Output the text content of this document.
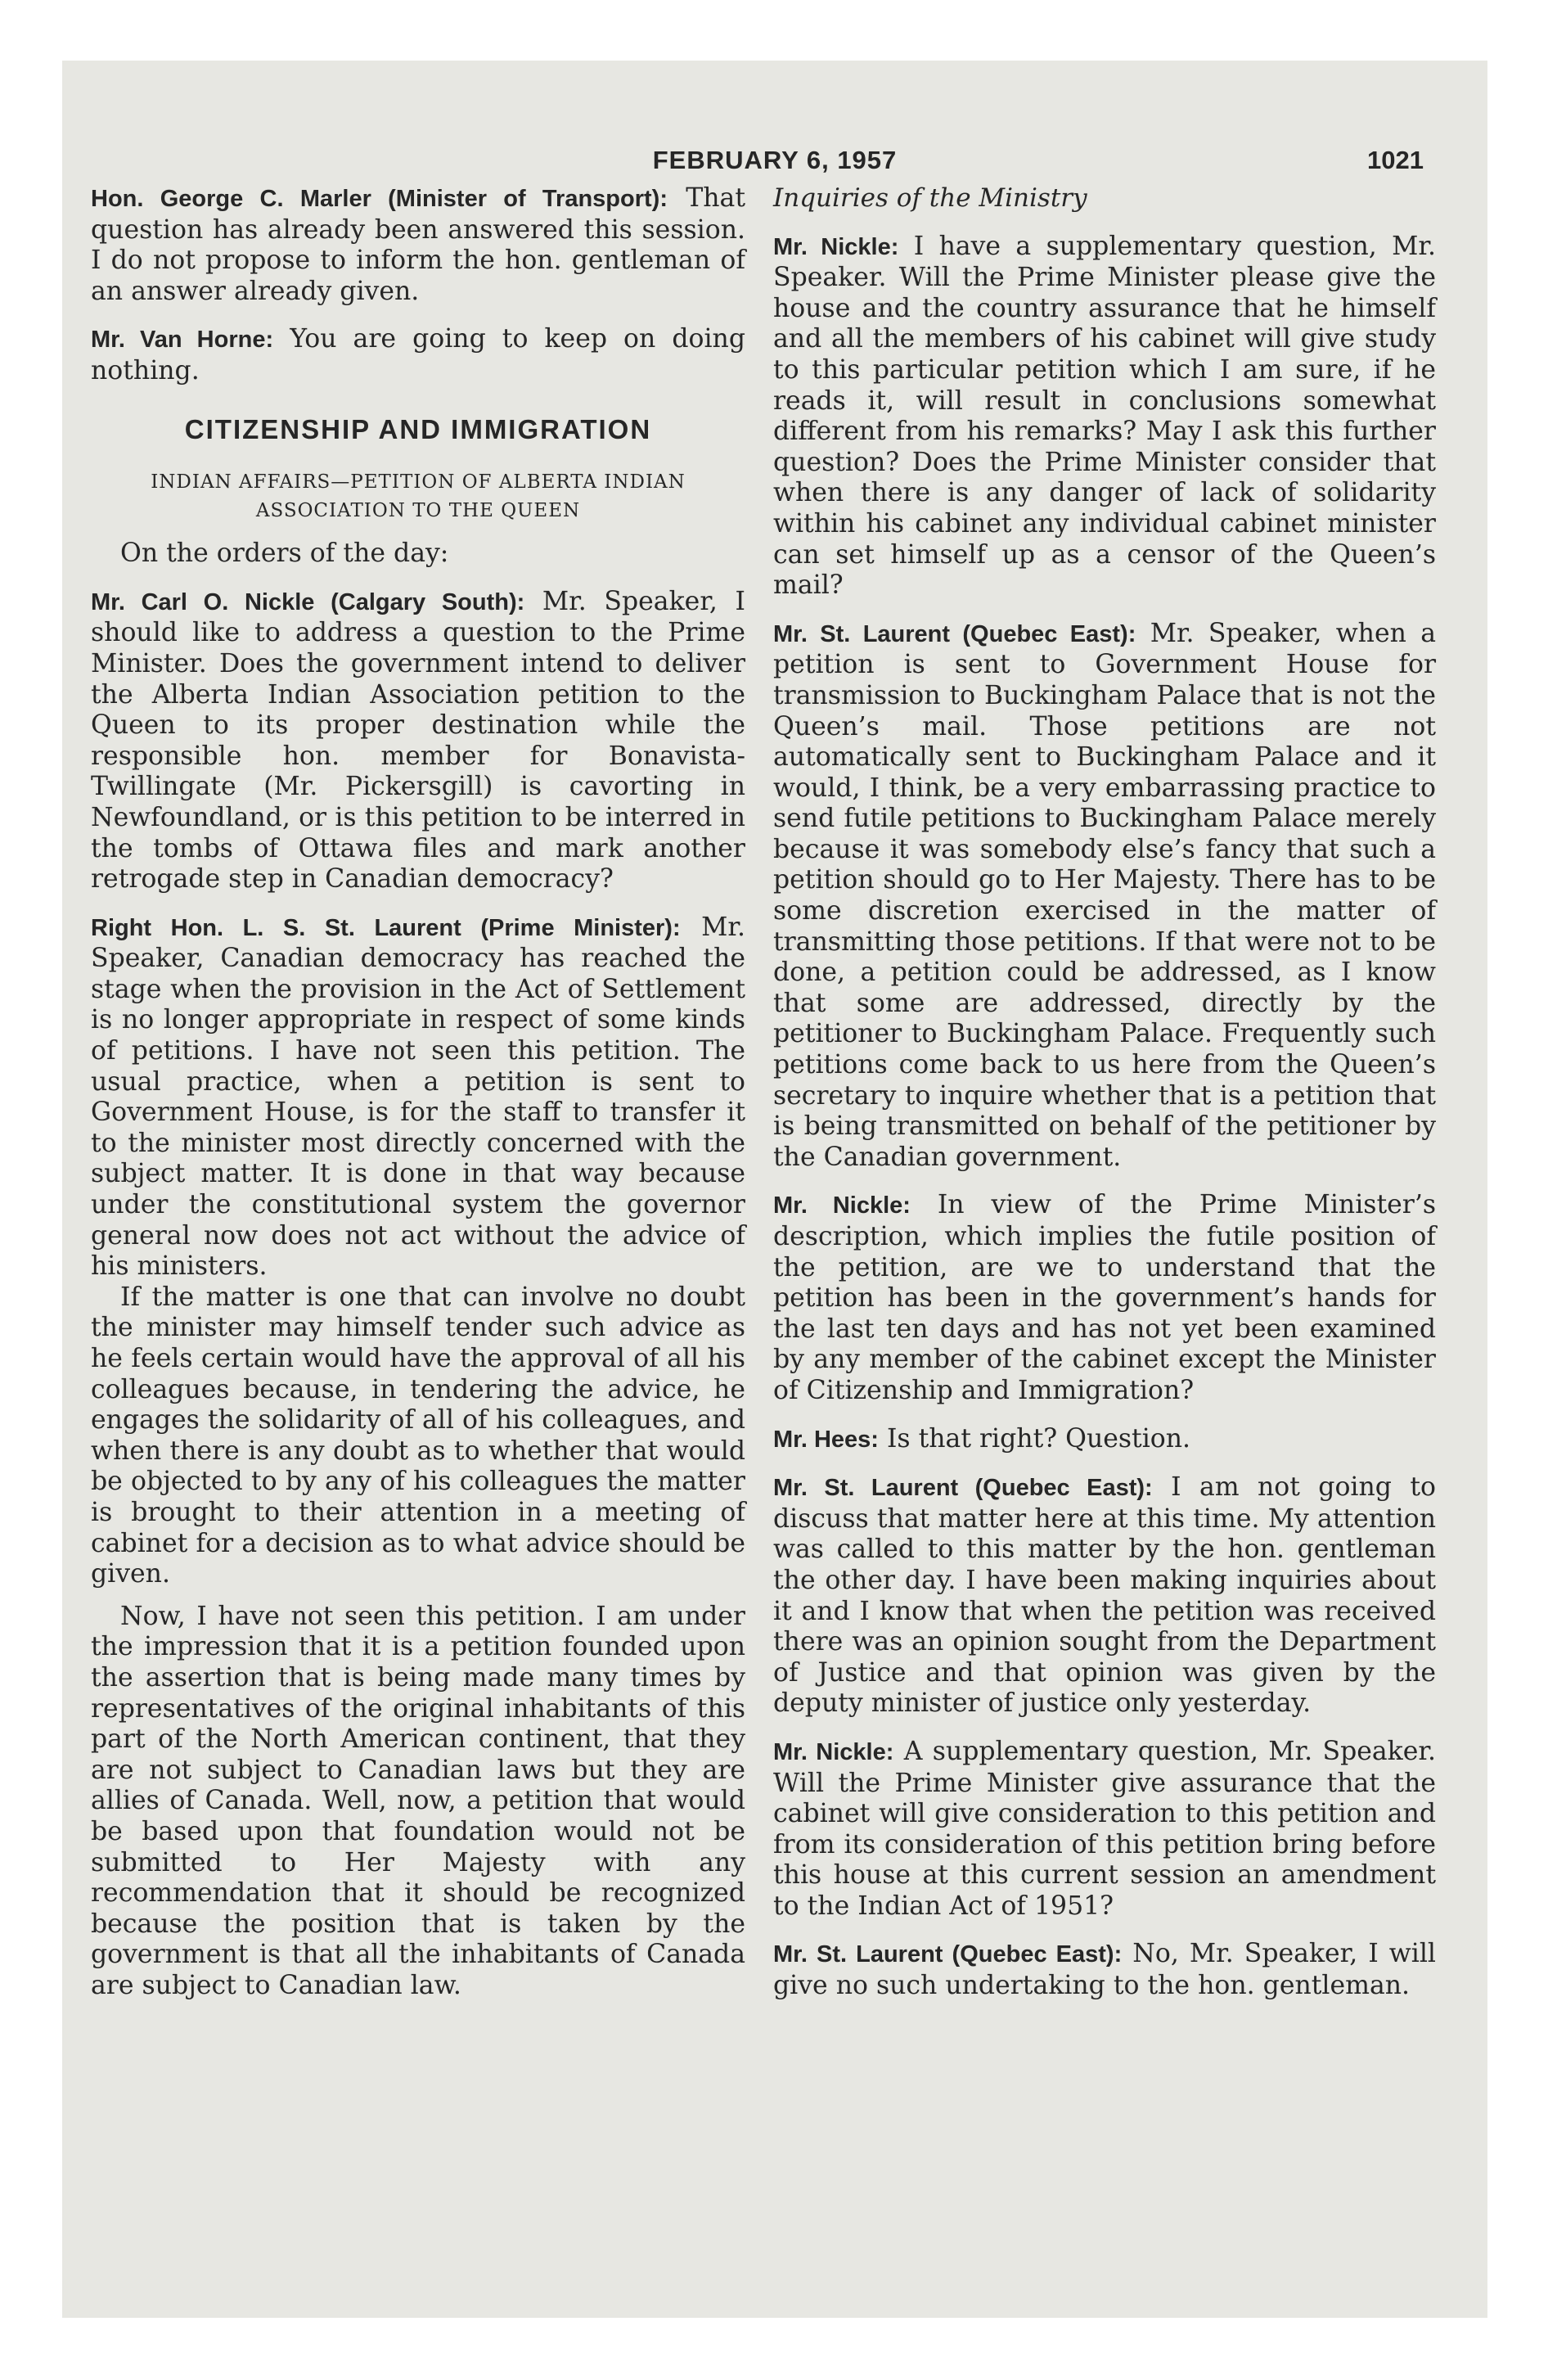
FEBRUARY 6, 1957	1021

Hon. George C. Marler (Minister of Transport): That question has already been answered this session. I do not propose to inform the hon. gentleman of an answer already given.

Mr. Van Horne: You are going to keep on doing nothing.

CITIZENSHIP AND IMMIGRATION
INDIAN AFFAIRS—PETITION OF ALBERTA INDIAN
ASSOCIATION TO THE QUEEN

On the orders of the day:

Mr. Carl O. Nickle (Calgary South): Mr. Speaker, I should like to address a question to the Prime Minister. Does the government intend to deliver the Alberta Indian Association petition to the Queen to its proper destination while the responsible hon. member for Bonavista-Twillingate (Mr. Pickersgill) is cavorting in Newfoundland, or is this petition to be interred in the tombs of Ottawa files and mark another retrogade step in Canadian democracy?

Right Hon. L. S. St. Laurent (Prime Minister): Mr. Speaker, Canadian democracy has reached the stage when the provision in the Act of Settlement is no longer appropriate in respect of some kinds of petitions. I have not seen this petition. The usual practice, when a petition is sent to Government House, is for the staff to transfer it to the minister most directly concerned with the subject matter. It is done in that way because under the constitutional system the governor general now does not act without the advice of his ministers.

If the matter is one that can involve no doubt the minister may himself tender such advice as he feels certain would have the approval of all his colleagues because, in tendering the advice, he engages the solidarity of all of his colleagues, and when there is any doubt as to whether that would be objected to by any of his colleagues the matter is brought to their attention in a meeting of cabinet for a decision as to what advice should be given.

Now, I have not seen this petition. I am under the impression that it is a petition founded upon the assertion that is being made many times by representatives of the original inhabitants of this part of the North American continent, that they are not subject to Canadian laws but they are allies of Canada. Well, now, a petition that would be based upon that foundation would not be submitted to Her Majesty with any recommendation that it should be recognized because the position that is taken by the government is that all the inhabitants of Canada are subject to Canadian law.

Inquiries of the Ministry

Mr. Nickle: I have a supplementary question, Mr. Speaker. Will the Prime Minister please give the house and the country assurance that he himself and all the members of his cabinet will give study to this particular petition which I am sure, if he reads it, will result in conclusions somewhat different from his remarks? May I ask this further question? Does the Prime Minister consider that when there is any danger of lack of solidarity within his cabinet any individual cabinet minister can set himself up as a censor of the Queen’s mail?

Mr. St. Laurent (Quebec East): Mr. Speaker, when a petition is sent to Government House for transmission to Buckingham Palace that is not the Queen’s mail. Those petitions are not automatically sent to Buckingham Palace and it would, I think, be a very embarrassing practice to send futile petitions to Buckingham Palace merely because it was somebody else’s fancy that such a petition should go to Her Majesty. There has to be some discretion exercised in the matter of transmitting those petitions. If that were not to be done, a petition could be addressed, as I know that some are addressed, directly by the petitioner to Buckingham Palace. Frequently such petitions come back to us here from the Queen’s secretary to inquire whether that is a petition that is being transmitted on behalf of the petitioner by the Canadian government.

Mr. Nickle: In view of the Prime Minister’s description, which implies the futile position of the petition, are we to understand that the petition has been in the government’s hands for the last ten days and has not yet been examined by any member of the cabinet except the Minister of Citizenship and Immigration?

Mr. Hees: Is that right? Question.

Mr. St. Laurent (Quebec East): I am not going to discuss that matter here at this time. My attention was called to this matter by the hon. gentleman the other day. I have been making inquiries about it and I know that when the petition was received there was an opinion sought from the Department of Justice and that opinion was given by the deputy minister of justice only yesterday.

Mr. Nickle: A supplementary question, Mr. Speaker. Will the Prime Minister give assurance that the cabinet will give consideration to this petition and from its consideration of this petition bring before this house at this current session an amendment to the Indian Act of 1951?

Mr. St. Laurent (Quebec East): No, Mr. Speaker, I will give no such undertaking to the hon. gentleman.
